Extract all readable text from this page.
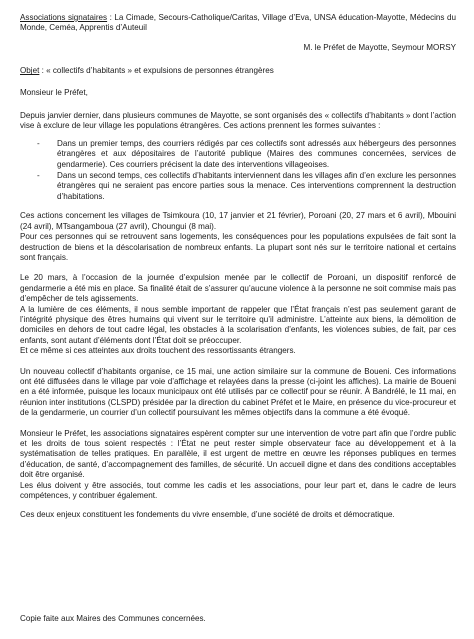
Associations signataires : La Cimade, Secours-Catholique/Caritas, Village d’Eva, UNSA éducation-Mayotte, Médecins du Monde, Ceméa, Apprentis d’Auteuil

M. le Préfet de Mayotte, Seymour MORSY

Objet : « collectifs d’habitants » et expulsions de personnes étrangères

Monsieur le Préfet,

Depuis janvier dernier, dans plusieurs communes de Mayotte, se sont organisés des « collectifs d’habitants » dont l’action vise à exclure de leur village les populations étrangères. Ces actions prennent les formes suivantes :

- Dans un premier temps, des courriers rédigés par ces collectifs sont adressés aux hébergeurs des personnes étrangères et aux dépositaires de l’autorité publique (Maires des communes concernées, services de gendarmerie). Ces courriers précisent la date des interventions villageoises.
- Dans un second temps, ces collectifs d’habitants interviennent dans les villages afin d’en exclure les personnes étrangères qui ne seraient pas encore parties sous la menace. Ces interventions comprennent la destruction d’habitations.

Ces actions concernent les villages de Tsimkoura (10, 17 janvier et 21 février), Poroani (20, 27 mars et 6 avril), Mbouini (24 avril), MTsangamboua (27 avril), Choungui (8 mai).

Pour ces personnes qui se retrouvent sans logements, les conséquences pour les populations expulsées de fait sont la destruction de biens et la déscolarisation de nombreux enfants. La plupart sont nés sur le territoire national et certains sont français.

Le 20 mars, à l’occasion de la journée d’expulsion menée par le collectif de Poroani, un dispositif renforcé de gendarmerie a été mis en place. Sa finalité était de s’assurer qu’aucune violence à la personne ne soit commise mais pas d’empêcher de tels agissements.

A la lumière de ces éléments, il nous semble important de rappeler que l’État français n’est pas seulement garant de l’intégrité physique des êtres humains qui vivent sur le territoire qu’il administre. L’atteinte aux biens, la démolition de domiciles en dehors de tout cadre légal, les obstacles à la scolarisation d’enfants, les violences subies, de fait, par ces enfants, sont autant d’éléments dont l’État doit se préoccuper.

Et ce même si ces atteintes aux droits touchent des ressortissants étrangers.

Un nouveau collectif d’habitants organise, ce 15 mai, une action similaire sur la commune de Boueni. Ces informations ont été diffusées dans le village par voie d’affichage et relayées dans la presse (ci-joint les affiches). La mairie de Boueni en a été informée, puisque les locaux municipaux ont été utilisés par ce collectif pour se réunir. À Bandrélé, le 11 mai, en réunion inter institutions (CLSPD) présidée par la direction du cabinet Préfet et le Maire, en présence du vice-procureur et de la gendarmerie, un courrier d’un collectif poursuivant les mêmes objectifs dans la commune a été évoqué.

Monsieur le Préfet, les associations signataires espèrent compter sur une intervention de votre part afin que l’ordre public et les droits de tous soient respectés : l’État ne peut rester simple observateur face au développement et à la systématisation de telles pratiques. En parallèle, il est urgent de mettre en œuvre les réponses publiques en termes d’éducation, de santé, d’accompagnement des familles, de sécurité. Un accueil digne et dans des conditions acceptables doit être organisé.

Les élus doivent y être associés, tout comme les cadis et les associations, pour leur part et, dans le cadre de leurs compétences, y contribuer également.

Ces deux enjeux constituent les fondements du vivre ensemble, d’une société de droits et démocratique.

Copie faite aux Maires des Communes concernées.
